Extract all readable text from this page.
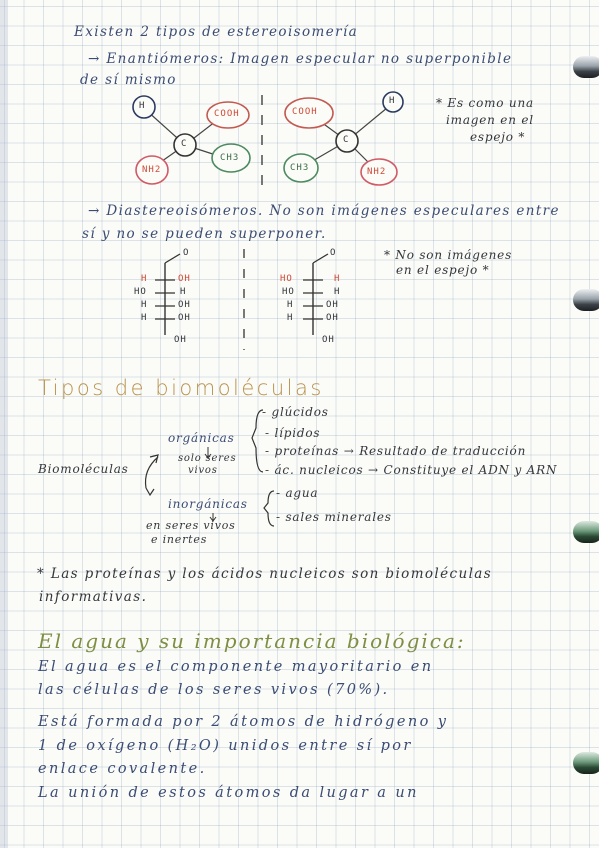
Existen 2 tipos de estereoisomería
→ Enantiómeros: Imagen especular no superponible
de sí mismo
H
COOH
C
NH2
CH3
COOH
H
C
CH3	NH2
* Es como una
imagen en el
espejo *
→ Diastereoisómeros. No son imágenes especulares entre
sí y no se pueden superponer.
* No son imágenes
en el espejo *
O
H	OH
HO	H
H	OH
H	OH
OH
O
HO	H
HO	H
H	OH
H	OH
OH
Tipos de biomoléculas
Biomoléculas
orgánicas
solo seres
vivos
- glúcidos
- lípidos
- proteínas → Resultado de traducción
- ác. nucleicos → Constituye el ADN y ARN
inorgánicas
en seres vivos
e inertes
- agua
- sales minerales
* Las proteínas y los ácidos nucleicos son biomoléculas
informativas.
El agua y su importancia biológica:
El agua es el componente mayoritario en
las células de los seres vivos (70%).
Está formada por 2 átomos de hidrógeno y
1 de oxígeno (H₂O) unidos entre sí por
enlace covalente.
La unión de estos átomos da lugar a un
